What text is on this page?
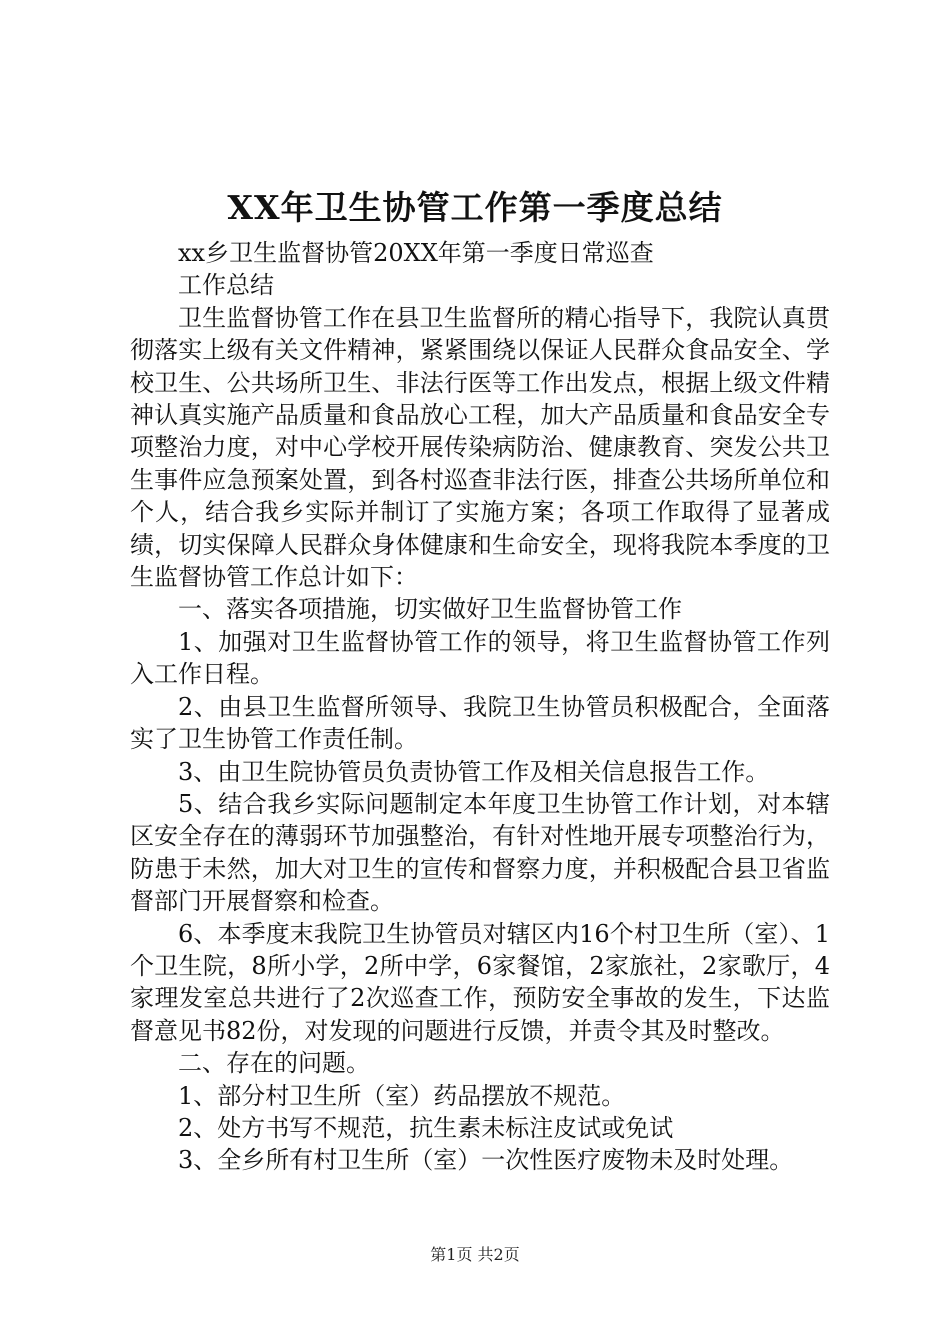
XX年卫生协管工作第一季度总结

xx乡卫生监督协管20XX年第一季度日常巡查

工作总结

卫生监督协管工作在县卫生监督所的精心指导下，我院认真贯彻落实上级有关文件精神，紧紧围绕以保证人民群众食品安全、学校卫生、公共场所卫生、非法行医等工作出发点，根据上级文件精神认真实施产品质量和食品放心工程，加大产品质量和食品安全专项整治力度，对中心学校开展传染病防治、健康教育、突发公共卫生事件应急预案处置，到各村巡查非法行医，排查公共场所单位和个人，结合我乡实际并制订了实施方案；各项工作取得了显著成绩，切实保障人民群众身体健康和生命安全，现将我院本季度的卫生监督协管工作总计如下：

一、落实各项措施，切实做好卫生监督协管工作

1、加强对卫生监督协管工作的领导，将卫生监督协管工作列入工作日程。

2、由县卫生监督所领导、我院卫生协管员积极配合，全面落实了卫生协管工作责任制。

3、由卫生院协管员负责协管工作及相关信息报告工作。

5、结合我乡实际问题制定本年度卫生协管工作计划，对本辖区安全存在的薄弱环节加强整治，有针对性地开展专项整治行为，防患于未然，加大对卫生的宣传和督察力度，并积极配合县卫省监督部门开展督察和检查。

6、本季度末我院卫生协管员对辖区内16个村卫生所（室）、1个卫生院，8所小学，2所中学，6家餐馆，2家旅社，2家歌厅，4家理发室总共进行了2次巡查工作，预防安全事故的发生，下达监督意见书82份，对发现的问题进行反馈，并责令其及时整改。

二、存在的问题。

1、部分村卫生所（室）药品摆放不规范。

2、处方书写不规范，抗生素未标注皮试或免试

3、全乡所有村卫生所（室）一次性医疗废物未及时处理。

第1页 共2页
